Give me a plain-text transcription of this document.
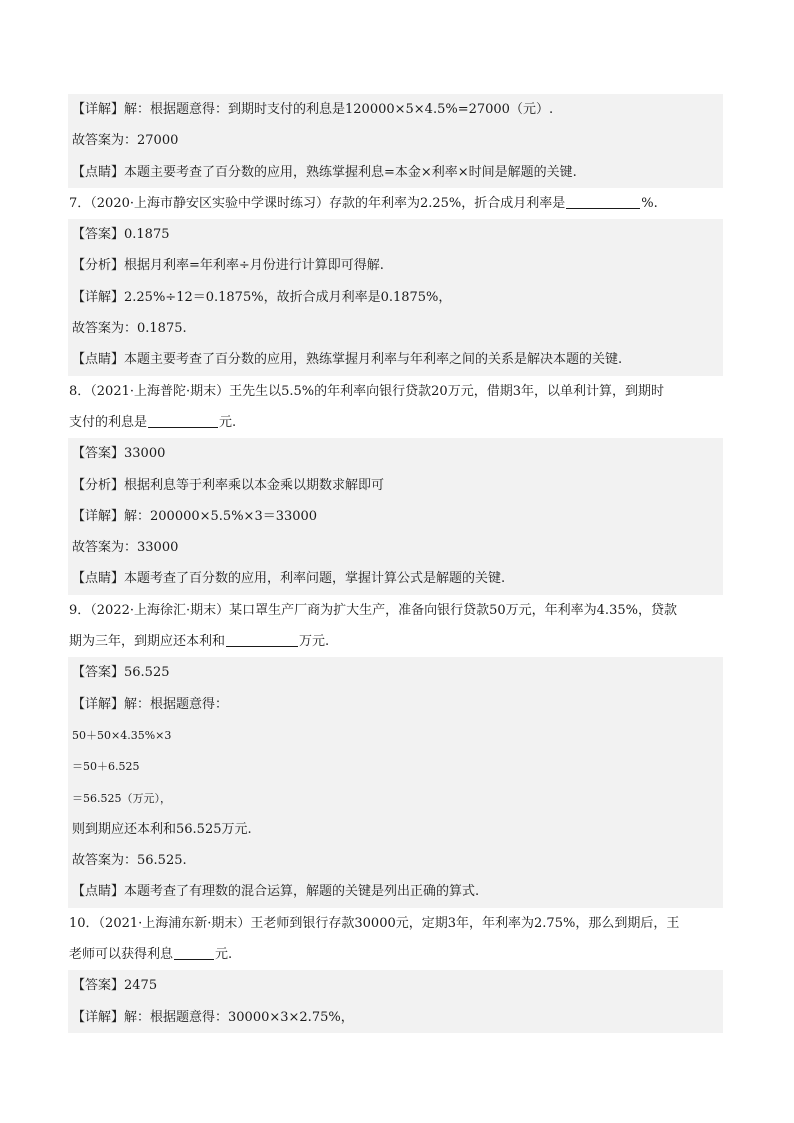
【详解】解：根据题意得：到期时支付的利息是120000×5×4.5%=27000（元）.
故答案为：27000
【点睛】本题主要考查了百分数的应用，熟练掌握利息=本金×利率×时间是解题的关键.
7．（2020·上海市静安区实验中学课时练习）存款的年利率为2.25%，折合成月利率是	%.
【答案】0.1875
【分析】根据月利率=年利率÷月份进行计算即可得解.
【详解】2.25%÷12＝0.1875%，故折合成月利率是0.1875%，
故答案为：0.1875.
【点睛】本题主要考查了百分数的应用，熟练掌握月利率与年利率之间的关系是解决本题的关键.
8．（2021·上海普陀·期末）王先生以5.5%的年利率向银行贷款20万元，借期3年，以单利计算，到期时
支付的利息是	元.
【答案】33000
【分析】根据利息等于利率乘以本金乘以期数求解即可
【详解】解：200000×5.5%×3＝33000
故答案为：33000
【点睛】本题考查了百分数的应用，利率问题，掌握计算公式是解题的关键.
9．（2022·上海徐汇·期末）某口罩生产厂商为扩大生产，准备向银行贷款50万元，年利率为4.35%，贷款
期为三年，到期应还本利和	万元.
【答案】56.525
【详解】解：根据题意得：
50＋50×4.35%×3
＝50＋6.525
＝56.525（万元），
则到期应还本利和56.525万元.
故答案为：56.525.
【点睛】本题考查了有理数的混合运算，解题的关键是列出正确的算式.
10．（2021·上海浦东新·期末）王老师到银行存款30000元，定期3年，年利率为2.75%，那么到期后，王
老师可以获得利息	元.
【答案】2475
【详解】解：根据题意得：30000×3×2.75%，
